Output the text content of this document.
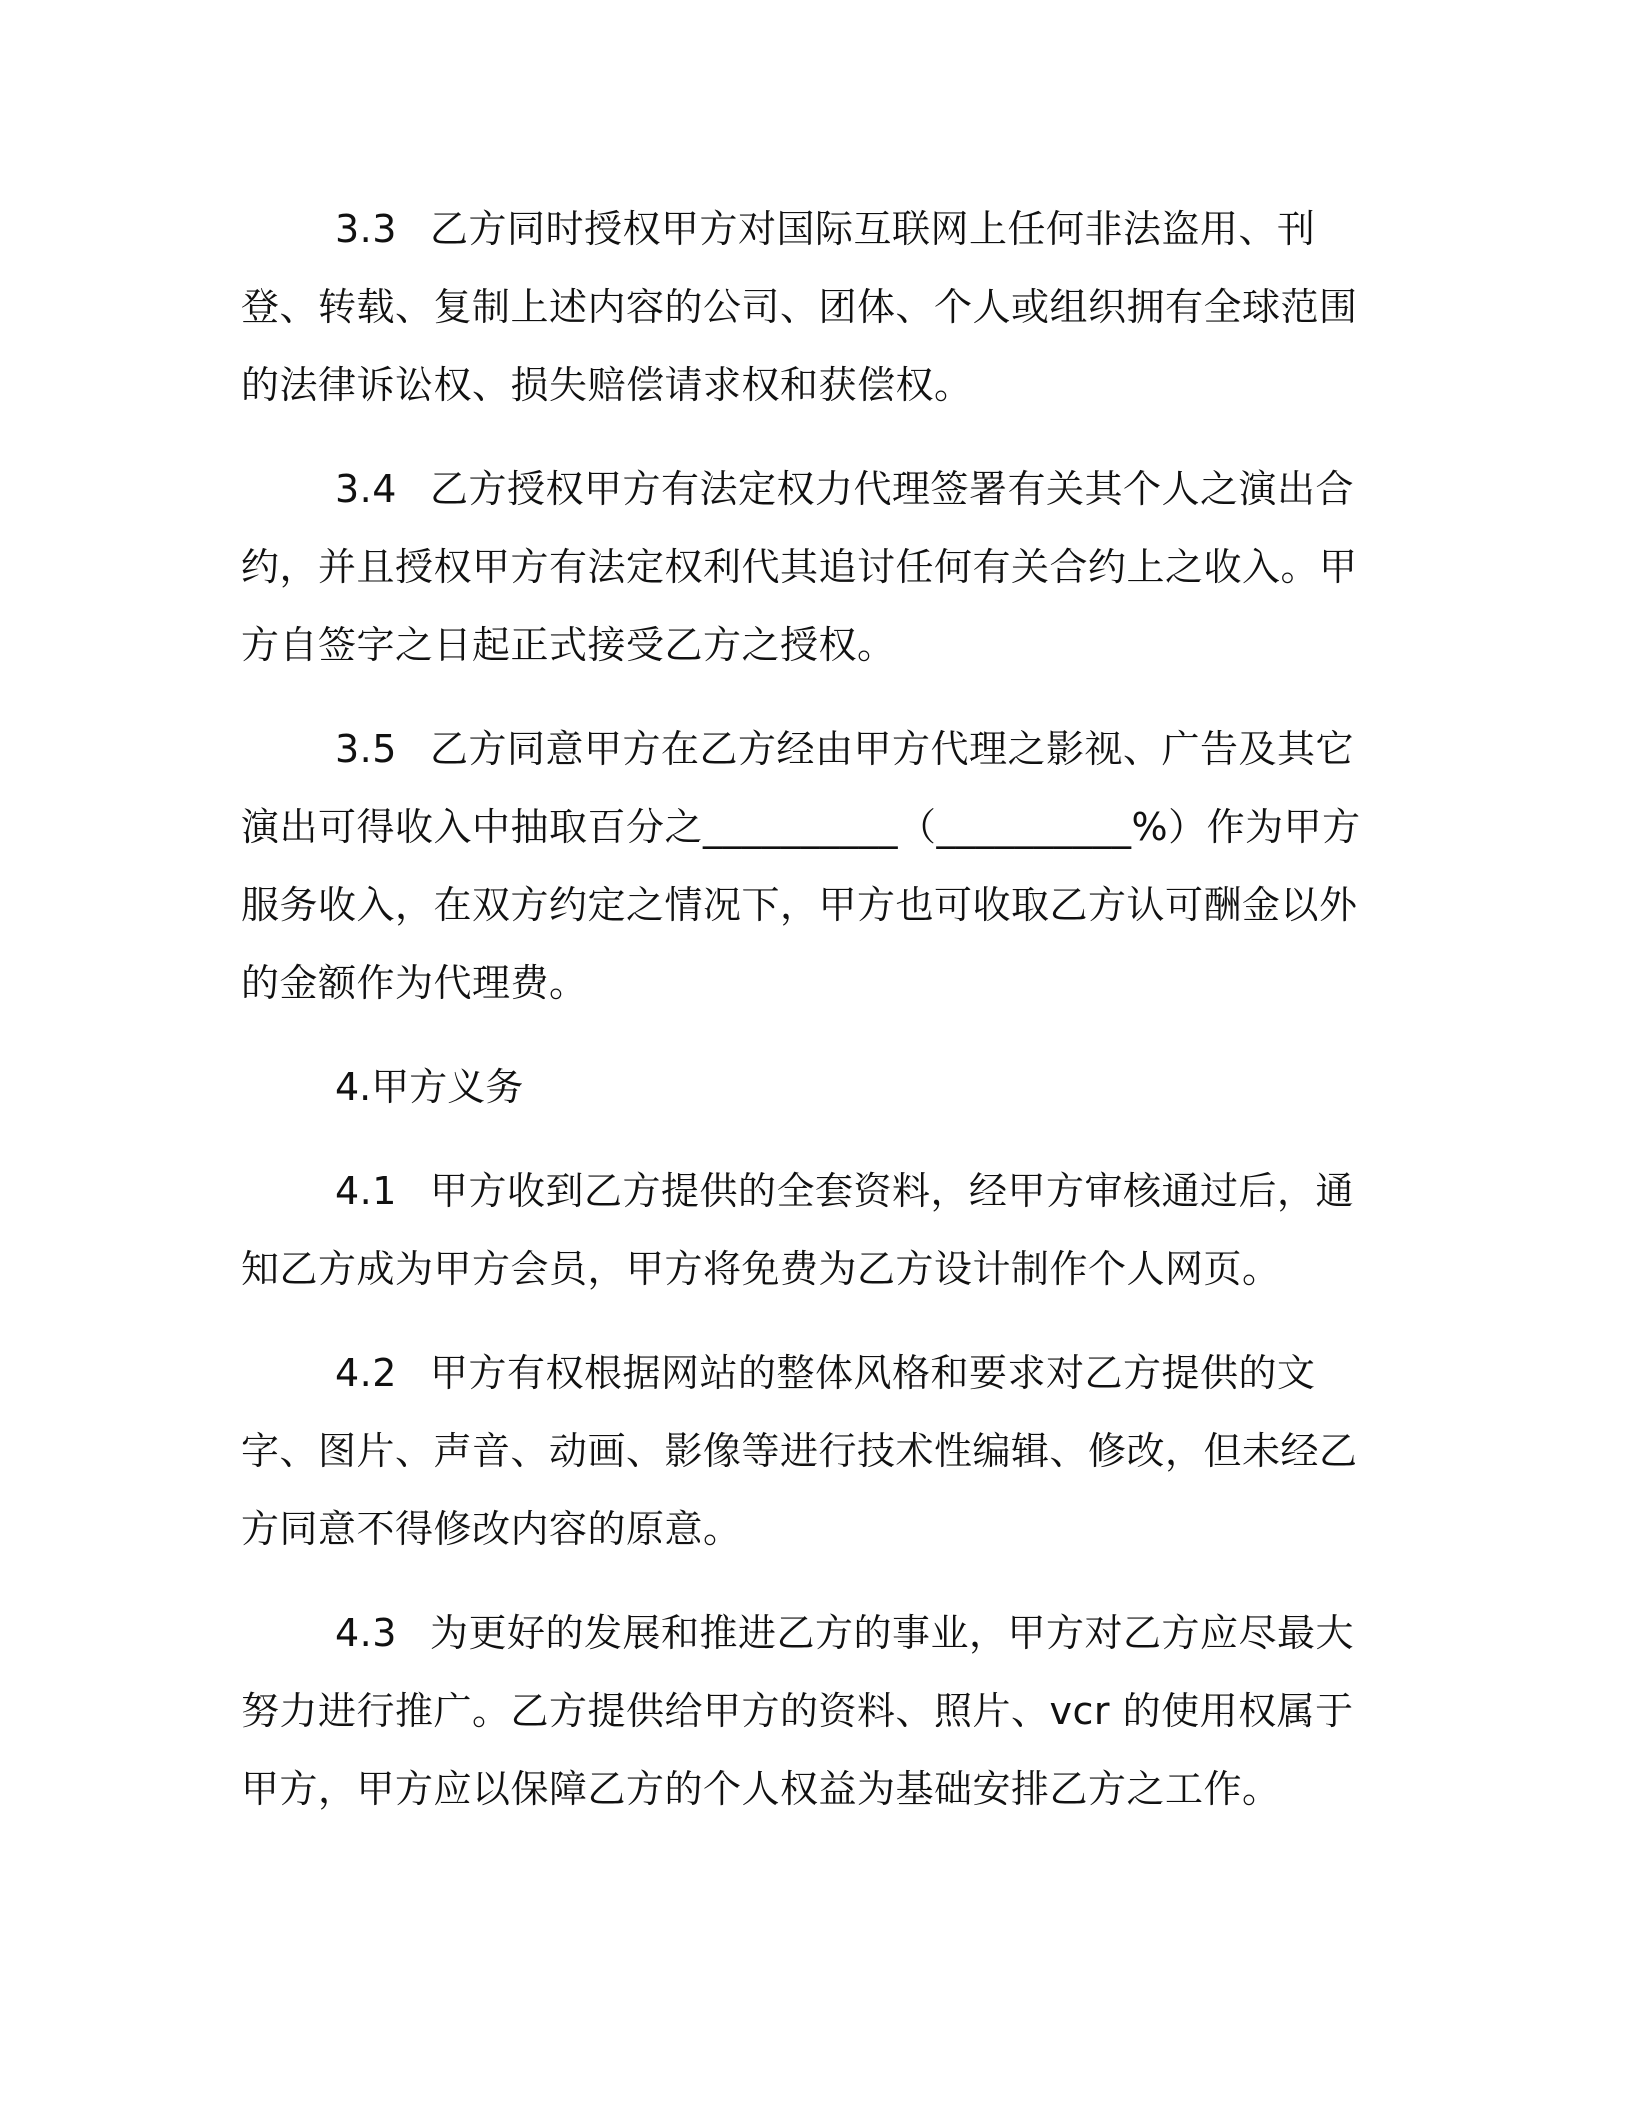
3.3 乙方同时授权甲方对国际互联网上任何非法盗用、刊登、转载、复制上述内容的公司、团体、个人或组织拥有全球范围的法律诉讼权、损失赔偿请求权和获偿权。

3.4 乙方授权甲方有法定权力代理签署有关其个人之演出合约，并且授权甲方有法定权利代其追讨任何有关合约上之收入。甲方自签字之日起正式接受乙方之授权。

3.5 乙方同意甲方在乙方经由甲方代理之影视、广告及其它演出可得收入中抽取百分之__________（__________%）作为甲方服务收入，在双方约定之情况下，甲方也可收取乙方认可酬金以外的金额作为代理费。

4.甲方义务

4.1 甲方收到乙方提供的全套资料，经甲方审核通过后，通知乙方成为甲方会员，甲方将免费为乙方设计制作个人网页。

4.2 甲方有权根据网站的整体风格和要求对乙方提供的文字、图片、声音、动画、影像等进行技术性编辑、修改，但未经乙方同意不得修改内容的原意。

4.3 为更好的发展和推进乙方的事业，甲方对乙方应尽最大努力进行推广。乙方提供给甲方的资料、照片、vcr 的使用权属于甲方，甲方应以保障乙方的个人权益为基础安排乙方之工作。
